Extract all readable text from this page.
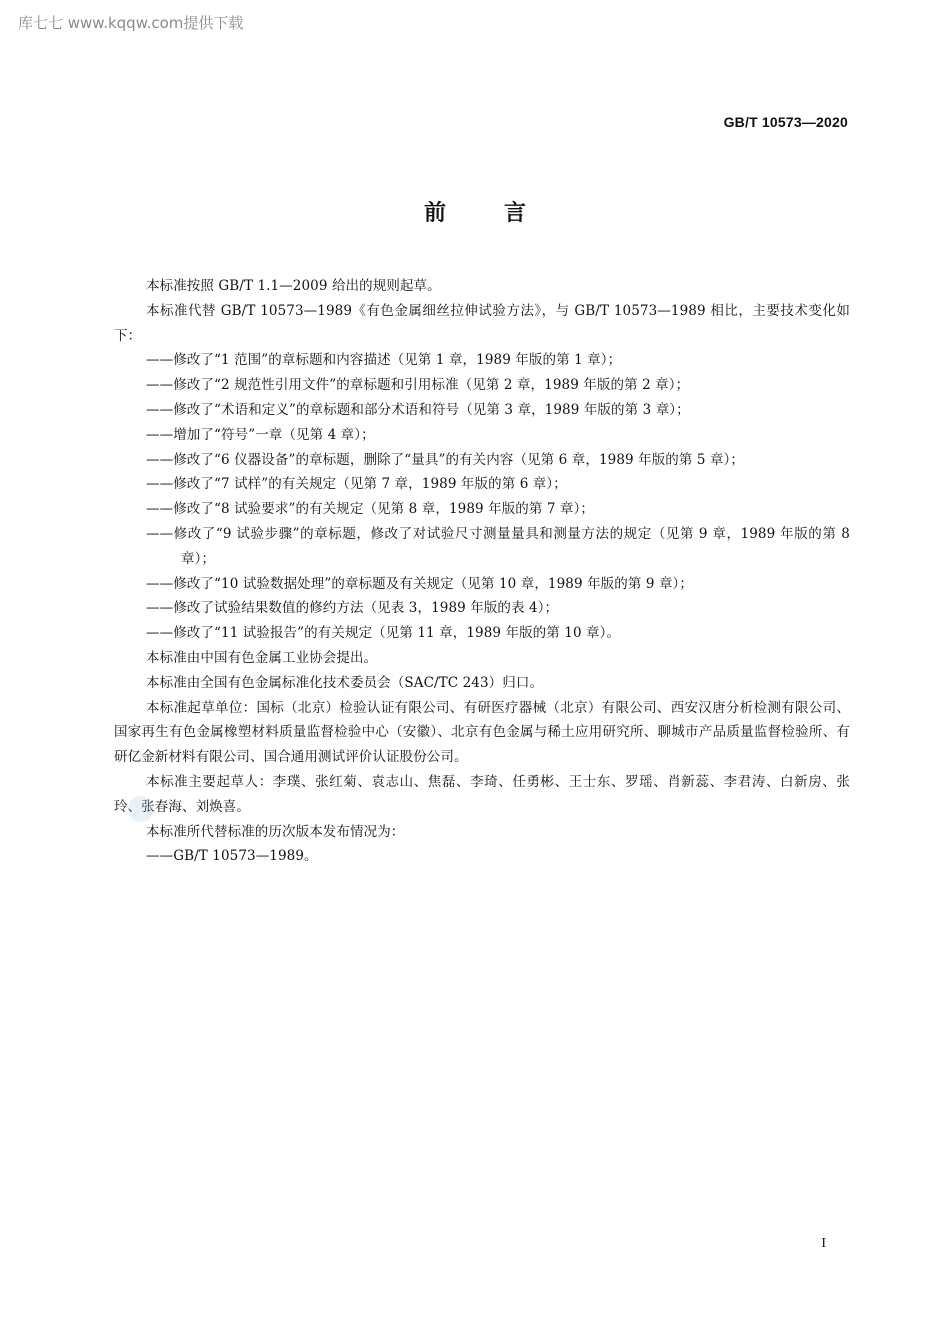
库七七 www.kqqw.com提供下载
GB/T 10573—2020
前言

本标准按照 GB/T 1.1—2009 给出的规则起草。

本标准代替 GB/T 10573—1989《有色金属细丝拉伸试验方法》，与 GB/T 10573—1989 相比，主要技术变化如下：

——修改了“1 范围”的章标题和内容描述（见第 1 章，1989 年版的第 1 章）；

——修改了“2 规范性引用文件”的章标题和引用标准（见第 2 章，1989 年版的第 2 章）；

——修改了“术语和定义”的章标题和部分术语和符号（见第 3 章，1989 年版的第 3 章）；

——增加了“符号”一章（见第 4 章）；

——修改了“6 仪器设备”的章标题，删除了“量具”的有关内容（见第 6 章，1989 年版的第 5 章）；

——修改了“7 试样”的有关规定（见第 7 章，1989 年版的第 6 章）；

——修改了“8 试验要求”的有关规定（见第 8 章，1989 年版的第 7 章）；

——修改了“9 试验步骤”的章标题，修改了对试验尺寸测量量具和测量方法的规定（见第 9 章，1989 年版的第 8 章）；

——修改了“10 试验数据处理”的章标题及有关规定（见第 10 章，1989 年版的第 9 章）；

——修改了试验结果数值的修约方法（见表 3，1989 年版的表 4）；

——修改了“11 试验报告”的有关规定（见第 11 章，1989 年版的第 10 章）。

本标准由中国有色金属工业协会提出。

本标准由全国有色金属标准化技术委员会（SAC/TC 243）归口。

本标准起草单位：国标（北京）检验认证有限公司、有研医疗器械（北京）有限公司、西安汉唐分析检测有限公司、国家再生有色金属橡塑材料质量监督检验中心（安徽）、北京有色金属与稀土应用研究所、聊城市产品质量监督检验所、有研亿金新材料有限公司、国合通用测试评价认证股份公司。

本标准主要起草人：李璞、张红菊、袁志山、焦磊、李琦、任勇彬、王士东、罗瑶、肖新蕊、李君涛、白新房、张玲、张春海、刘焕喜。

本标准所代替标准的历次版本发布情况为：

——GB/T 10573—1989。

I
